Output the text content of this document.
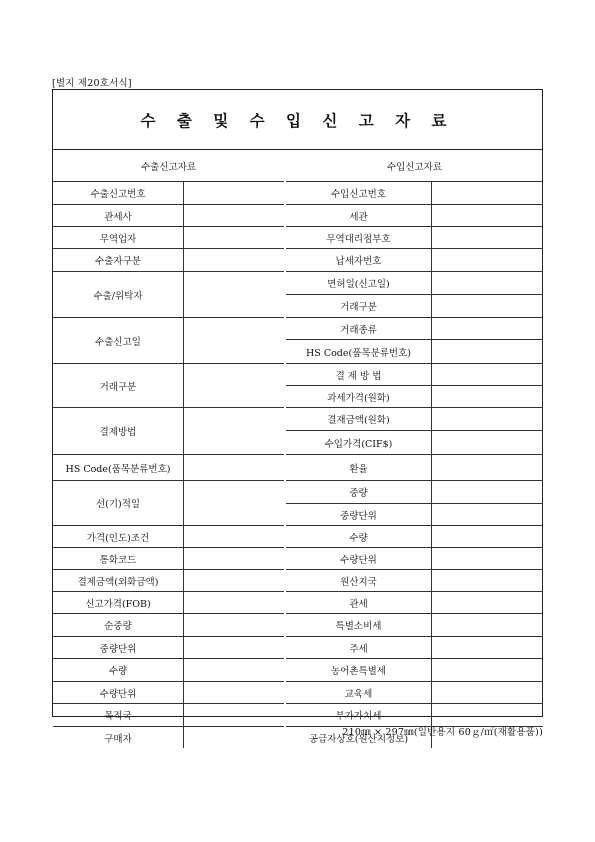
[별지 제20호서식]
수 출 및 수 입 신 고 자 료
수출신고자료
수출신고번호
관세사
무역업자
수출자구분
수출/위탁자
수출신고일
거래구분
결제방법
HS Code(품목분류번호)
선(기)적일
가격(인도)조건
통화코드
결제금액(외화금액)
신고가격(FOB)
순중량
중량단위
수량
수량단위
목적국
구매자
수입신고자료
수입신고번호
세관
무역대리점부호
납세자번호
면허일(신고일)
거래구분
거래종류
HS Code(품목분류번호)
결 제 방 법
과세가격(원화)
결재금액(원화)
수입가격(CIF$)
환율
중량
중량단위
수량
수량단위
원산지국
관세
특별소비세
주세
농어촌특별세
교육세
부가가치세
공급자상호(원산지정보)
210㎜ × 297㎜(일반용지 60ｇ/㎡(재활용품))
